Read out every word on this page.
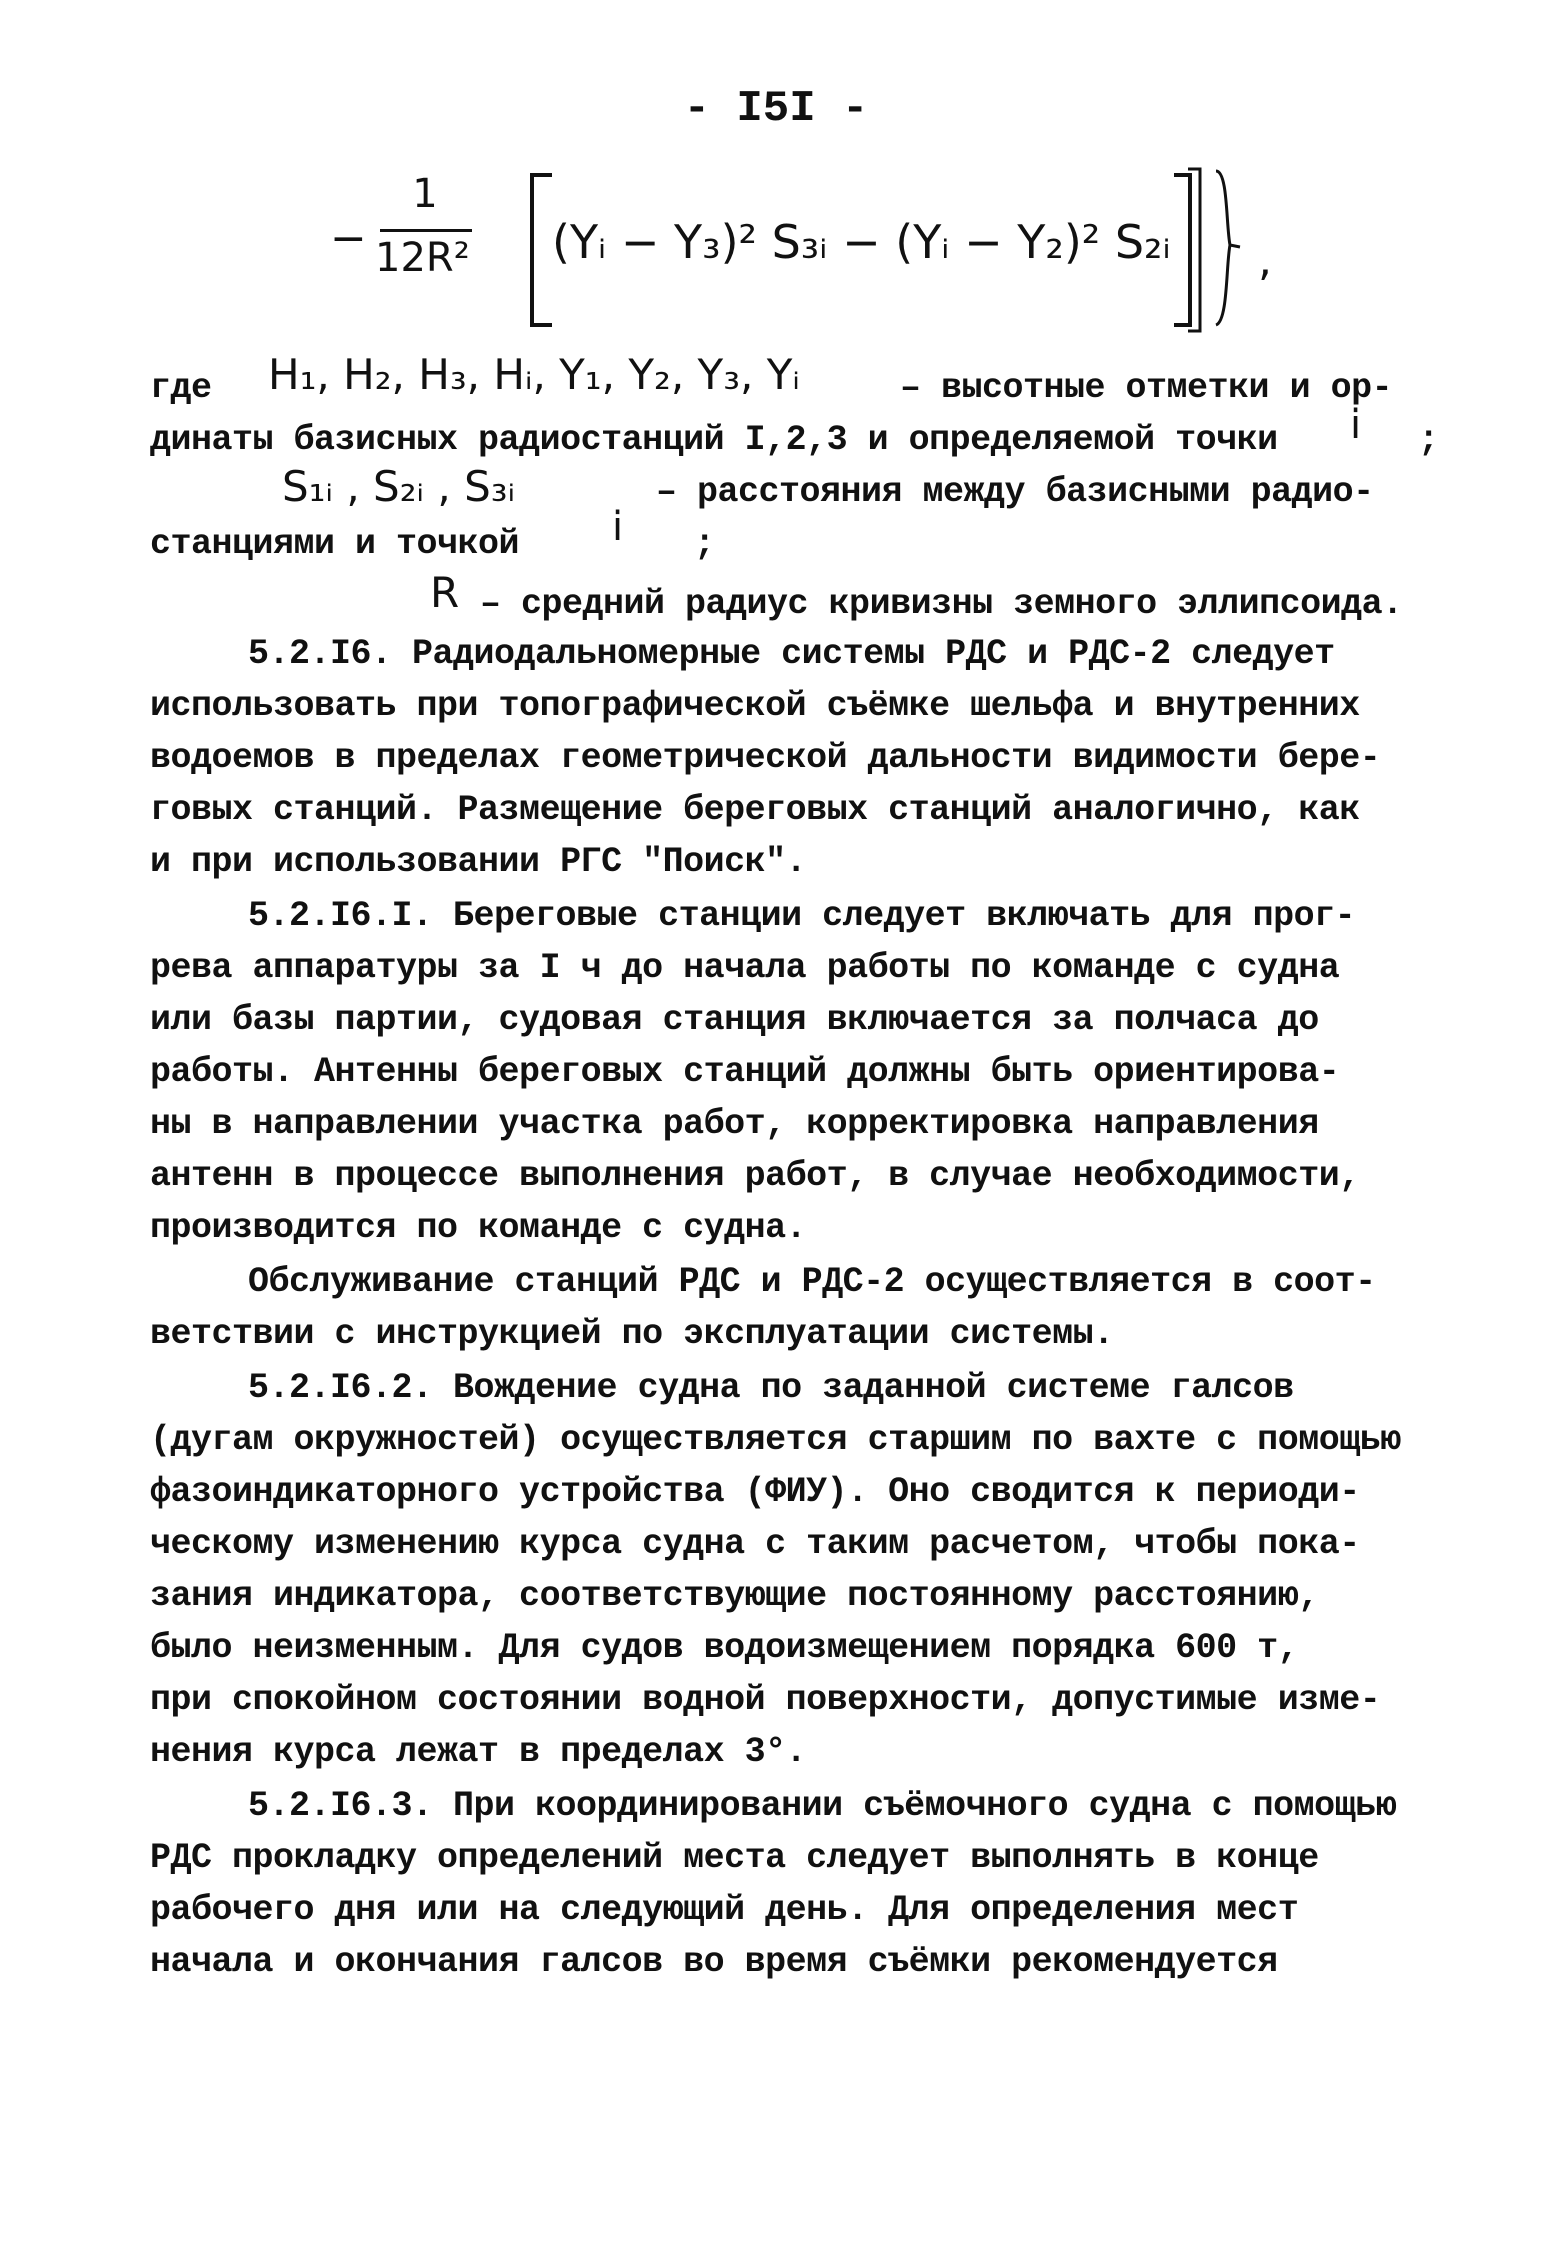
- I5I -
−
1
12R² (Yᵢ − Y₃)² S₃ᵢ − (Yᵢ − Y₂)² S₂ᵢ ,
где H₁, H₂, H₃, Hᵢ, Y₁, Y₂, Y₃, Yᵢ	– высотные отметки и ор-
динаты базисных радиостанций I,2,3 и определяемой точки i ;
S₁ᵢ , S₂ᵢ , S₃ᵢ	– расстояния между базисными радио-
станциями и точкой i ;
R – средний радиус кривизны земного эллипсоида.
5.2.I6. Радиодальномерные системы РДС и РДС-2 следует
использовать при топографической съёмке шельфа и внутренних
водоемов в пределах геометрической дальности видимости бере-
говых станций. Размещение береговых станций аналогично, как
и при использовании РГС "Поиск".
5.2.I6.I. Береговые станции следует включать для прог-
рева аппаратуры за I ч до начала работы по команде с судна
или базы партии, судовая станция включается за полчаса до
работы. Антенны береговых станций должны быть ориентирова-
ны в направлении участка работ, корректировка направления
антенн в процессе выполнения работ, в случае необходимости,
производится по команде с судна.
Обслуживание станций РДС и РДС-2 осуществляется в соот-
ветствии с инструкцией по эксплуатации системы.
5.2.I6.2. Вождение судна по заданной системе галсов
(дугам окружностей) осуществляется старшим по вахте с помощью
фазоиндикаторного устройства (ФИУ). Оно сводится к периоди-
ческому изменению курса судна с таким расчетом, чтобы пока-
зания индикатора, соответствующие постоянному расстоянию,
было неизменным. Для судов водоизмещением порядка 600 т,
при спокойном состоянии водной поверхности, допустимые изме-
нения курса лежат в пределах 3°.
5.2.I6.3. При координировании съёмочного судна с помощью
РДС прокладку определений места следует выполнять в конце
рабочего дня или на следующий день. Для определения мест
начала и окончания галсов во время съёмки рекомендуется
